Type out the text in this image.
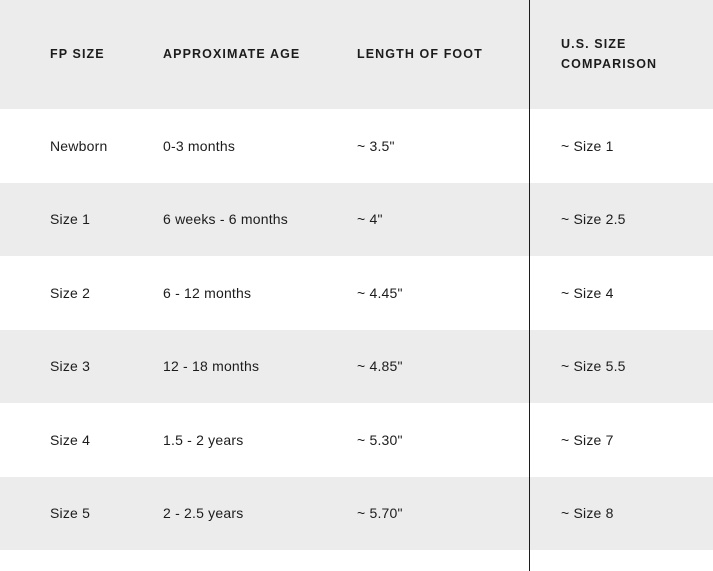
FP SIZE	APPROXIMATE AGE	LENGTH OF FOOT	U.S. SIZE
COMPARISON

Newborn	0-3 months	~ 3.5"	~ Size 1
Size 1	6 weeks - 6 months	~ 4"	~ Size 2.5
Size 2	6 - 12 months	~ 4.45"	~ Size 4
Size 3	12 - 18 months	~ 4.85"	~ Size 5.5
Size 4	1.5 - 2 years	~ 5.30"	~ Size 7
Size 5	2 - 2.5 years	~ 5.70"	~ Size 8
